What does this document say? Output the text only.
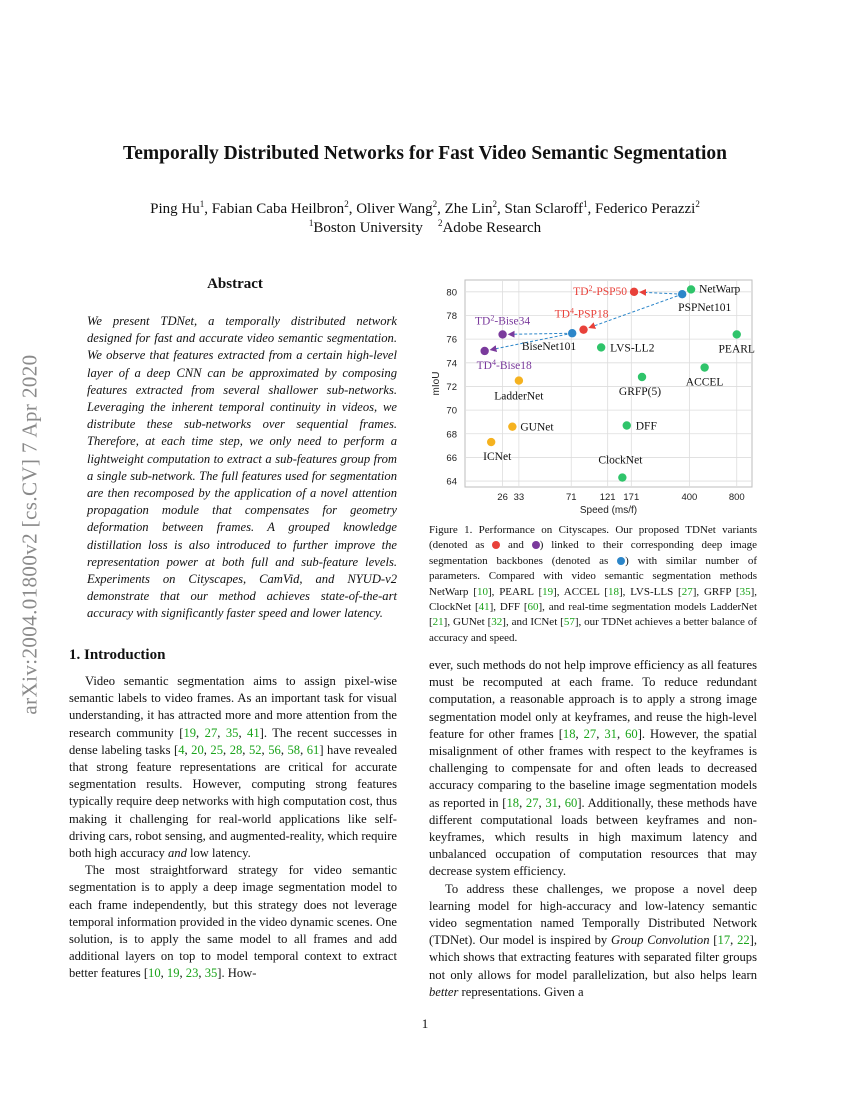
arXiv:2004.01800v2 [cs.CV] 7 Apr 2020
Temporally Distributed Networks for Fast Video Semantic Segmentation
Ping Hu$^1$, Fabian Caba Heilbron$^2$, Oliver Wang$^2$, Zhe Lin$^2$, Stan Sclaroff$^1$, Federico Perazzi$^2$
$^1$Boston University $^2$Adobe Research
Abstract
We present TDNet, a temporally distributed network designed for fast and accurate video semantic segmentation. We observe that features extracted from a certain high-level layer of a deep CNN can be approximated by composing features extracted from several shallower sub-networks. Leveraging the inherent temporal continuity in videos, we distribute these sub-networks over sequential frames. Therefore, at each time step, we only need to perform a lightweight computation to extract a sub-features group from a single sub-network. The full features used for segmentation are then recomposed by the application of a novel attention propagation module that compensates for geometry deformation between frames. A grouped knowledge distillation loss is also introduced to further improve the representation power at both full and sub-feature levels. Experiments on Cityscapes, CamVid, and NYUD-v2 demonstrate that our method achieves state-of-the-art accuracy with significantly faster speed and lower latency.
1. Introduction

Video semantic segmentation aims to assign pixel-wise semantic labels to video frames. As an important task for visual understanding, it has attracted more and more attention from the research community [19, 27, 35, 41]. The recent successes in dense labeling tasks [4, 20, 25, 28, 52, 56, 58, 61] have revealed that strong feature representations are critical for accurate segmentation results. However, computing strong features typically require deep networks with high computation cost, thus making it challenging for real-world applications like self-driving cars, robot sensing, and augmented-reality, which require both high accuracy and low latency.

The most straightforward strategy for video semantic segmentation is to apply a deep image segmentation model to each frame independently, but this strategy does not leverage temporal information provided in the video dynamic scenes. One solution, is to apply the same model to all frames and add additional layers on top to model temporal context to extract better features [10, 19, 23, 35]. How-

64
66
68
70
72
74
76
78
80
26 33	71 121 171	400	800
Speed (ms/f)
mIoU
NetWarp
PSPNet101
$TD^2-PSP50$
$TD^4-PSP18$
BiseNet101
$TD^2-Bise34$
$TD^4-Bise18$
LVS-LL2	PEARL
ACCEL
GRFP(5)
LadderNet
GUNet	DFF
ICNet	ClockNet
Figure 1. Performance on Cityscapes. Our proposed TDNet variants (denoted as  and ) linked to their corresponding deep image segmentation backbones (denoted as ) with similar number of parameters. Compared with video semantic segmentation methods NetWarp [10], PEARL [19], ACCEL [18], LVS-LLS [27], GRFP [35], ClockNet [41], DFF [60], and real-time segmentation models LadderNet [21], GUNet [32], and ICNet [57], our TDNet achieves a better balance of accuracy and speed.

ever, such methods do not help improve efficiency as all features must be recomputed at each frame. To reduce redundant computation, a reasonable approach is to apply a strong image segmentation model only at keyframes, and reuse the high-level feature for other frames [18, 27, 31, 60]. However, the spatial misalignment of other frames with respect to the keyframes is challenging to compensate for and often leads to decreased accuracy comparing to the baseline image segmentation models as reported in [18, 27, 31, 60]. Additionally, these methods have different computational loads between keyframes and non-keyframes, which results in high maximum latency and unbalanced occupation of computation resources that may decrease system efficiency.

To address these challenges, we propose a novel deep learning model for high-accuracy and low-latency semantic video segmentation named Temporally Distributed Network (TDNet). Our model is inspired by Group Convolution [17, 22], which shows that extracting features with separated filter groups not only allows for model parallelization, but also helps learn better representations. Given a

1
